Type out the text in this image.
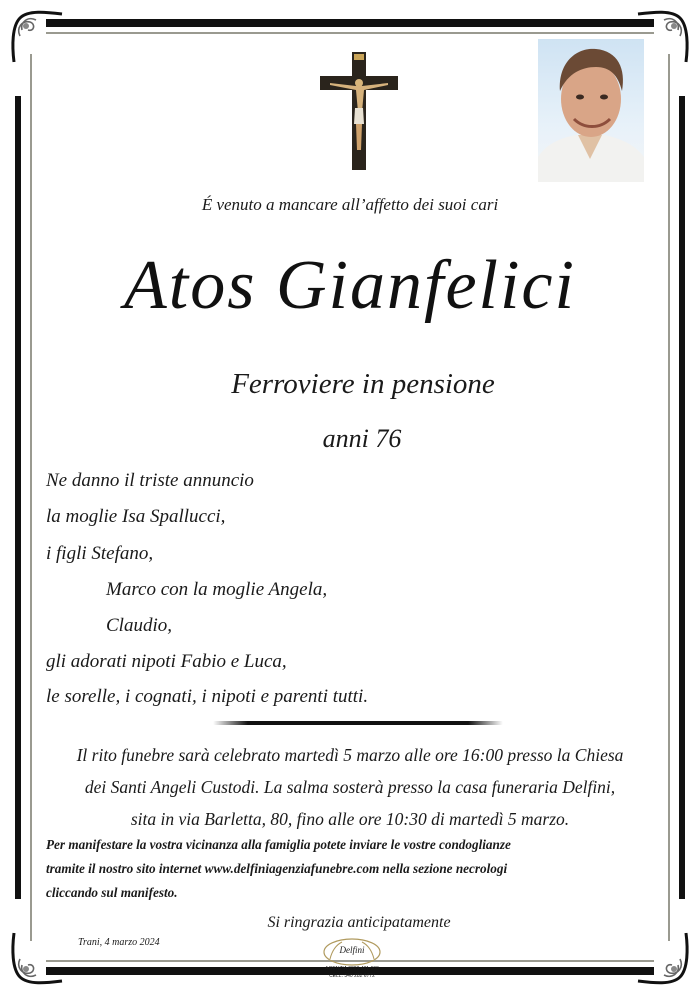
É venuto a mancare all’affetto dei suoi cari
Atos Gianfelici
Ferroviere in pensione
anni 76
Ne danno il triste annuncio
la moglie Isa Spallucci,
i figli Stefano,
Marco con la moglie Angela,
Claudio,
gli adorati nipoti Fabio e Luca,
le sorelle, i cognati, i nipoti e parenti tutti.
Il rito funebre sarà celebrato martedì 5 marzo alle ore 16:00 presso la Chiesa
dei Santi Angeli Custodi. La salma sosterà presso la casa funeraria Delfini,
sita in via Barletta, 80, fino alle ore 10:30 di martedì 5 marzo.
Per manifestare la vostra vicinanza alla famiglia potete inviare le vostre condoglianze
tramite il nostro sito internet www.delfiniagenziafunebre.com nella sezione necrologi
cliccando sul manifesto.
Si ringrazia anticipatamente
Trani, 4 marzo 2024
Delfini
AGENZIA 0883 481 608
CELL. 340 282 6772
